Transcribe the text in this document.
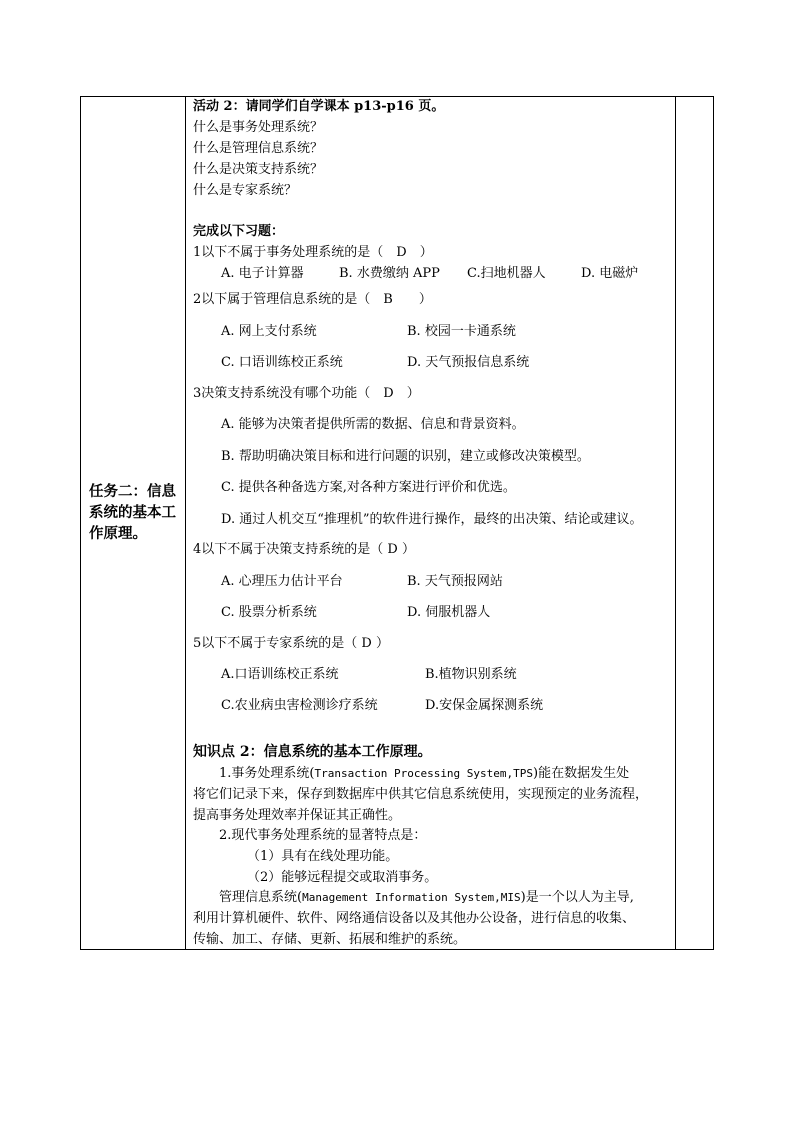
任务二：信息
系统的基本工
作原理。
活动 2：请同学们自学课本 p13-p16 页。
什么是事务处理系统？
什么是管理信息系统？
什么是决策支持系统？
什么是专家系统？
完成以下习题：
1以下不属于事务处理系统的是（　D　）
A. 电子计算器	B. 水费缴纳 APP C.扫地机器人	D. 电磁炉
2以下属于管理信息系统的是（　B　　）
A. 网上支付系统	B. 校园一卡通系统
C. 口语训练校正系统	D. 天气预报信息系统
3决策支持系统没有哪个功能（　D　）
A. 能够为决策者提供所需的数据、信息和背景资料。
B. 帮助明确决策目标和进行问题的识别，建立或修改决策模型。
C. 提供各种备选方案,对各种方案进行评价和优选。
D. 通过人机交互“推理机”的软件进行操作，最终的出决策、结论或建议。
4以下不属于决策支持系统的是（ D ）
A. 心理压力估计平台	B. 天气预报网站
C. 股票分析系统	D. 伺服机器人
5以下不属于专家系统的是（ D ）
A.口语训练校正系统	B.植物识别系统
C.农业病虫害检测诊疗系统	D.安保金属探测系统
知识点 2：信息系统的基本工作原理。
1.事务处理系统(Transaction Processing System,TPS)能在数据发生处
将它们记录下来，保存到数据库中供其它信息系统使用，实现预定的业务流程，
提高事务处理效率并保证其正确性。
2.现代事务处理系统的显著特点是：
（1）具有在线处理功能。
（2）能够远程提交或取消事务。
管理信息系统(Management Information System,MIS)是一个以人为主导,
利用计算机硬件、软件、网络通信设备以及其他办公设备，进行信息的收集、
传输、加工、存储、更新、拓展和维护的系统。
